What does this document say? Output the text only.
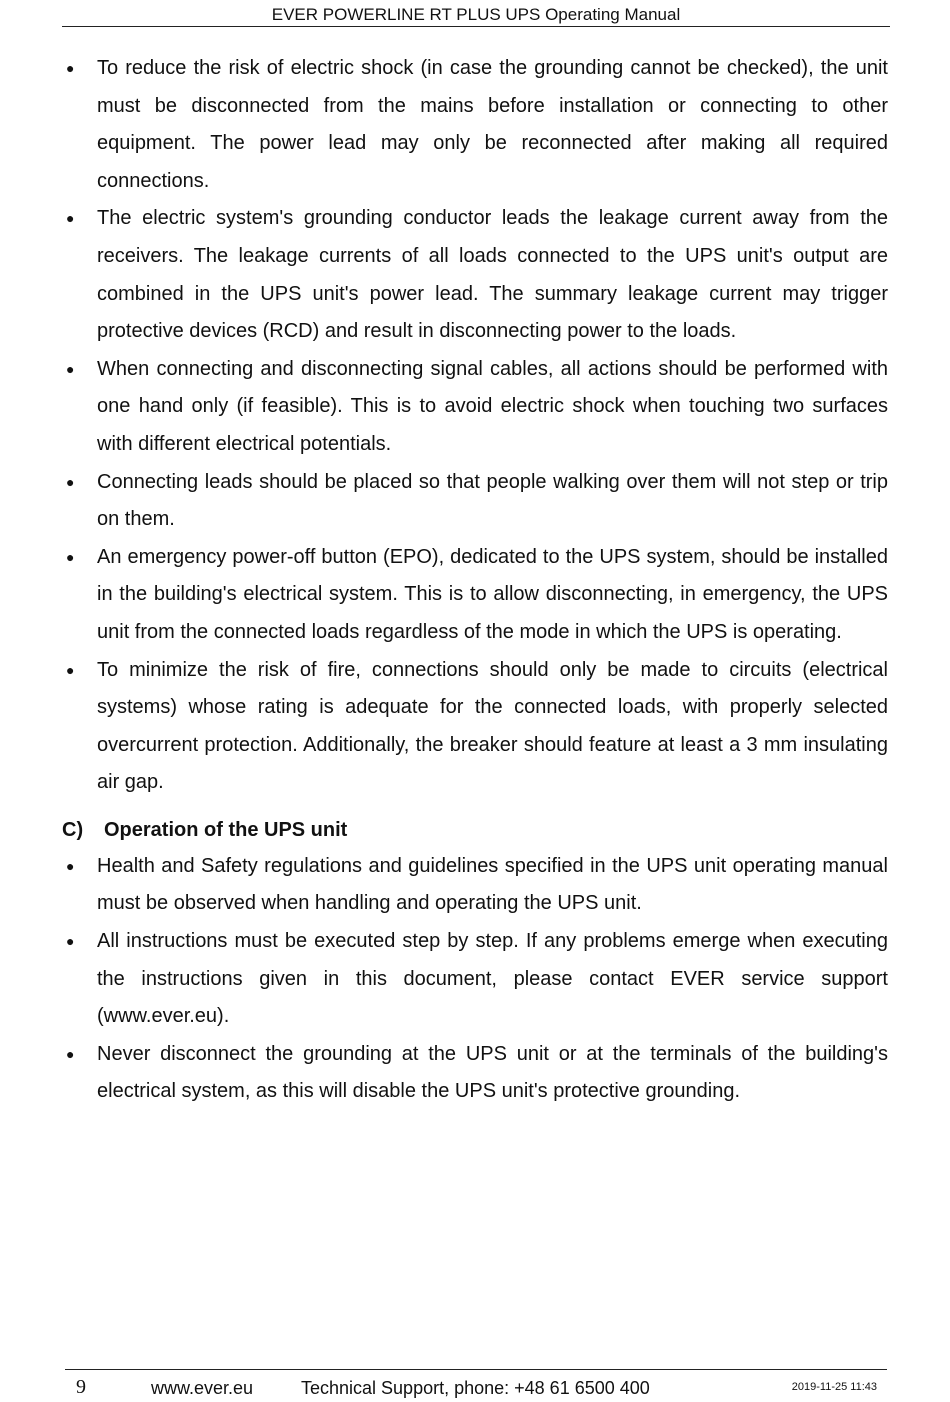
EVER POWERLINE RT PLUS UPS Operating Manual
● To reduce the risk of electric shock (in case the grounding cannot be checked), the unit must be disconnected from the mains before installation or connecting to other equipment. The power lead may only be reconnected after making all required connections.
● The electric system's grounding conductor leads the leakage current away from the receivers. The leakage currents of all loads connected to the UPS unit's output are combined in the UPS unit's power lead. The summary leakage current may trigger protective devices (RCD) and result in disconnecting power to the loads.
● When connecting and disconnecting signal cables, all actions should be performed with one hand only (if feasible). This is to avoid electric shock when touching two surfaces with different electrical potentials.
● Connecting leads should be placed so that people walking over them will not step or trip on them.
● An emergency power-off button (EPO), dedicated to the UPS system, should be installed in the building's electrical system. This is to allow disconnecting, in emergency, the UPS unit from the connected loads regardless of the mode in which the UPS is operating.
● To minimize the risk of fire, connections should only be made to circuits (electrical systems) whose rating is adequate for the connected loads, with properly selected overcurrent protection. Additionally, the breaker should feature at least a 3 mm insulating air gap.
C)	Operation of the UPS unit
● Health and Safety regulations and guidelines specified in the UPS unit operating manual must be observed when handling and operating the UPS unit.
● All instructions must be executed step by step. If any problems emerge when executing the instructions given in this document, please contact EVER service support (www.ever.eu).
● Never disconnect the grounding at the UPS unit or at the terminals of the building's electrical system, as this will disable the UPS unit's protective grounding.
9	www.ever.eu	Technical Support, phone: +48 61 6500 400	2019-11-25 11:43
